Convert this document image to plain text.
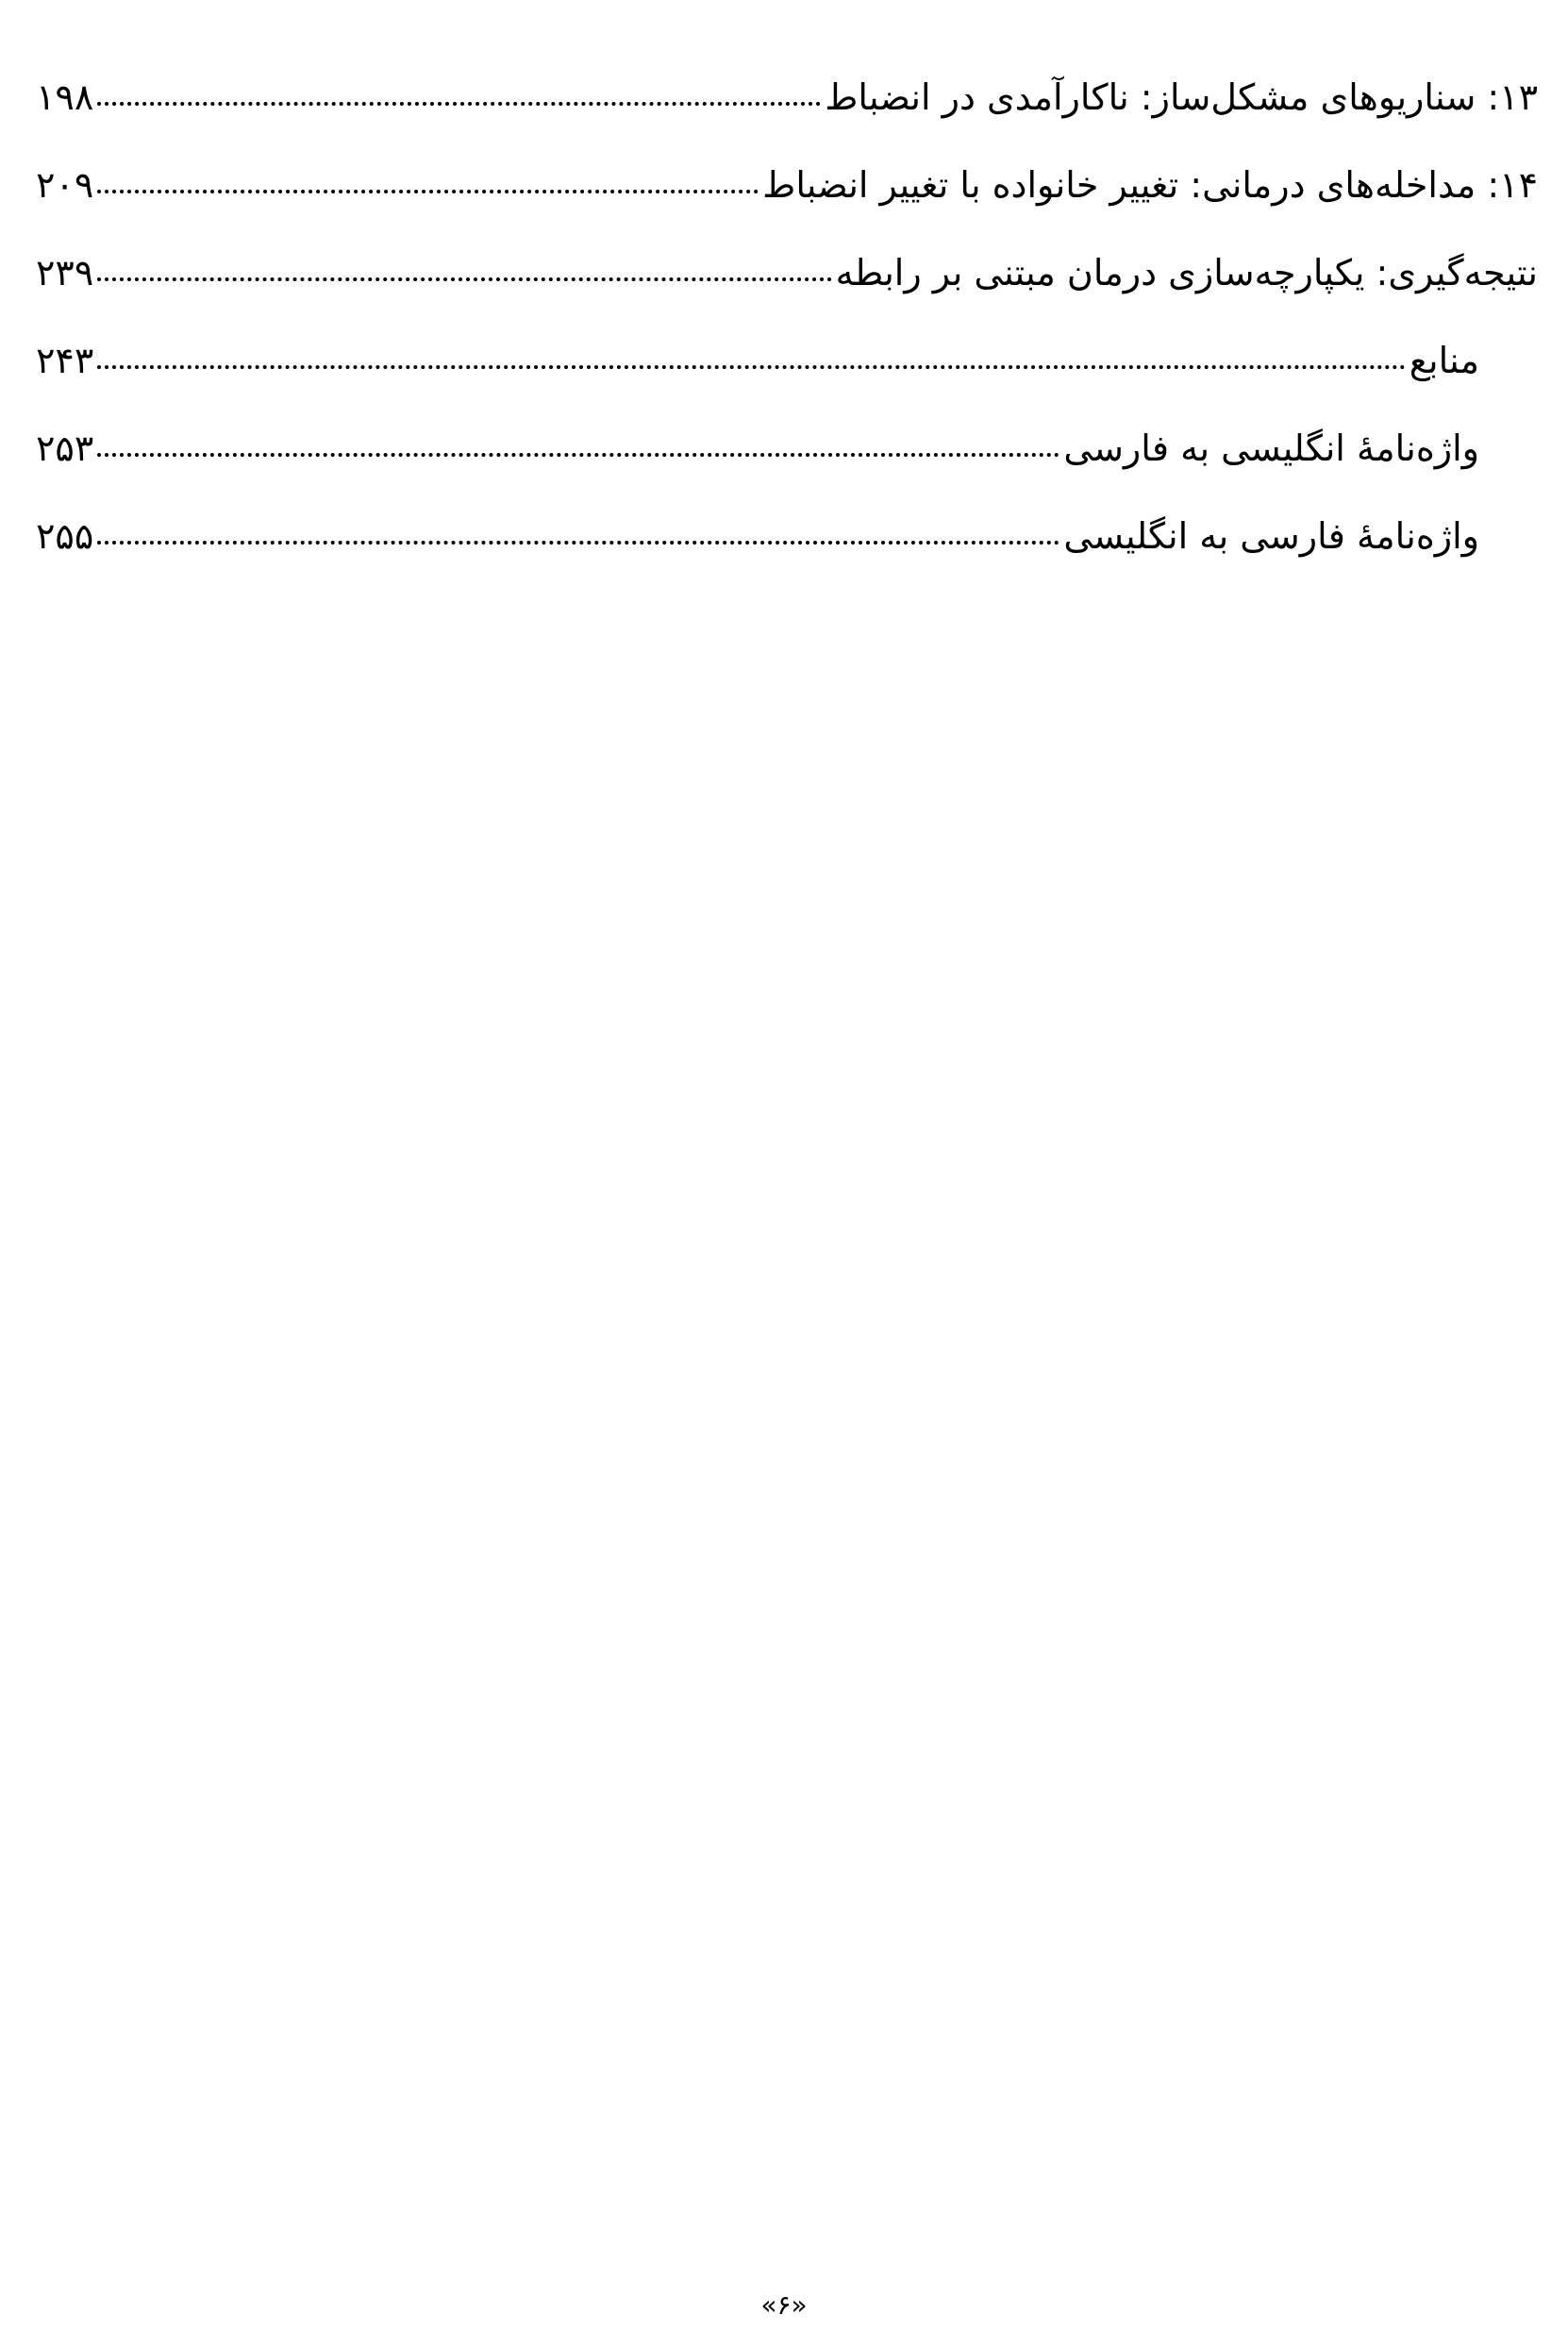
۱۳: سناریوهای مشکل‌ساز: ناکارآمدی در انضباط
۱۹۸
۱۴: مداخله‌های درمانی: تغییر خانواده با تغییر انضباط
۲۰۹
نتیجه‌گیری: یکپارچه‌سازی درمان مبتنی بر رابطه
۲۳۹
منابع
۲۴۳
واژه‌نامۀ انگلیسی به فارسی
۲۵۳
واژه‌نامۀ فارسی به انگلیسی
۲۵۵
«۶»
